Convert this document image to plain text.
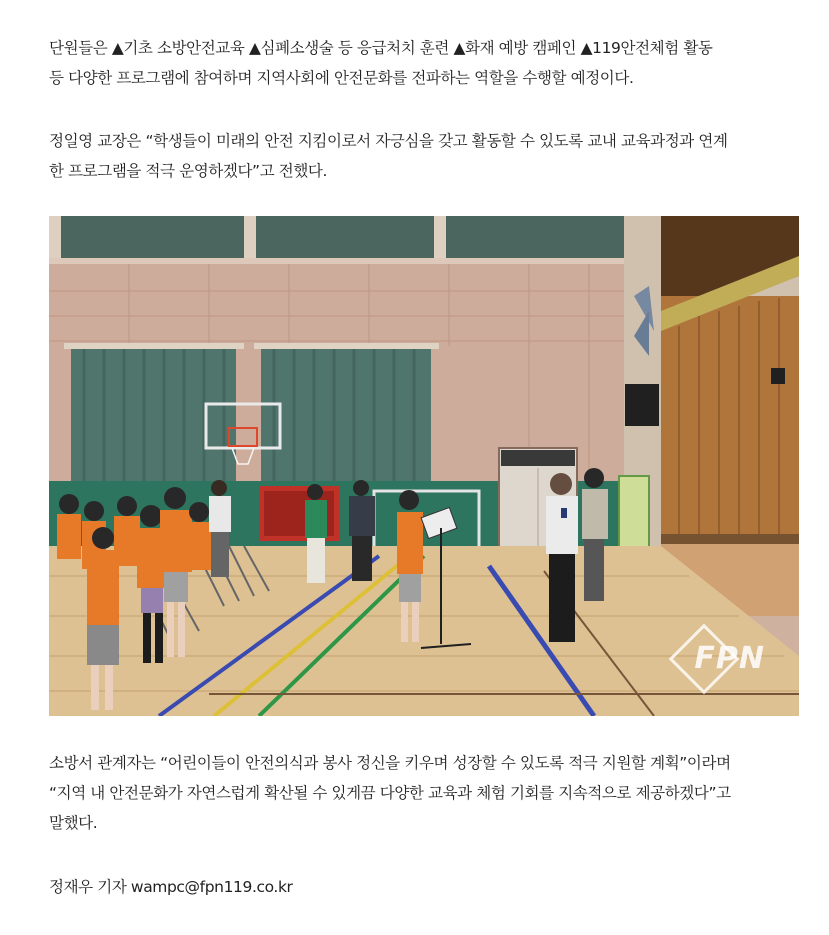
단원들은 ▲기초 소방안전교육 ▲심폐소생술 등 응급처치 훈련 ▲화재 예방 캠페인 ▲119안전체험 활동
등 다양한 프로그램에 참여하며 지역사회에 안전문화를 전파하는 역할을 수행할 예정이다.
정일영 교장은 “학생들이 미래의 안전 지킴이로서 자긍심을 갖고 활동할 수 있도록 교내 교육과정과 연계
한 프로그램을 적극 운영하겠다”고 전했다.
FPN
소방서 관계자는 “어린이들이 안전의식과 봉사 정신을 키우며 성장할 수 있도록 적극 지원할 계획”이라며
“지역 내 안전문화가 자연스럽게 확산될 수 있게끔 다양한 교육과 체험 기회를 지속적으로 제공하겠다”고
말했다.
정재우 기자 wampc@fpn119.co.kr
